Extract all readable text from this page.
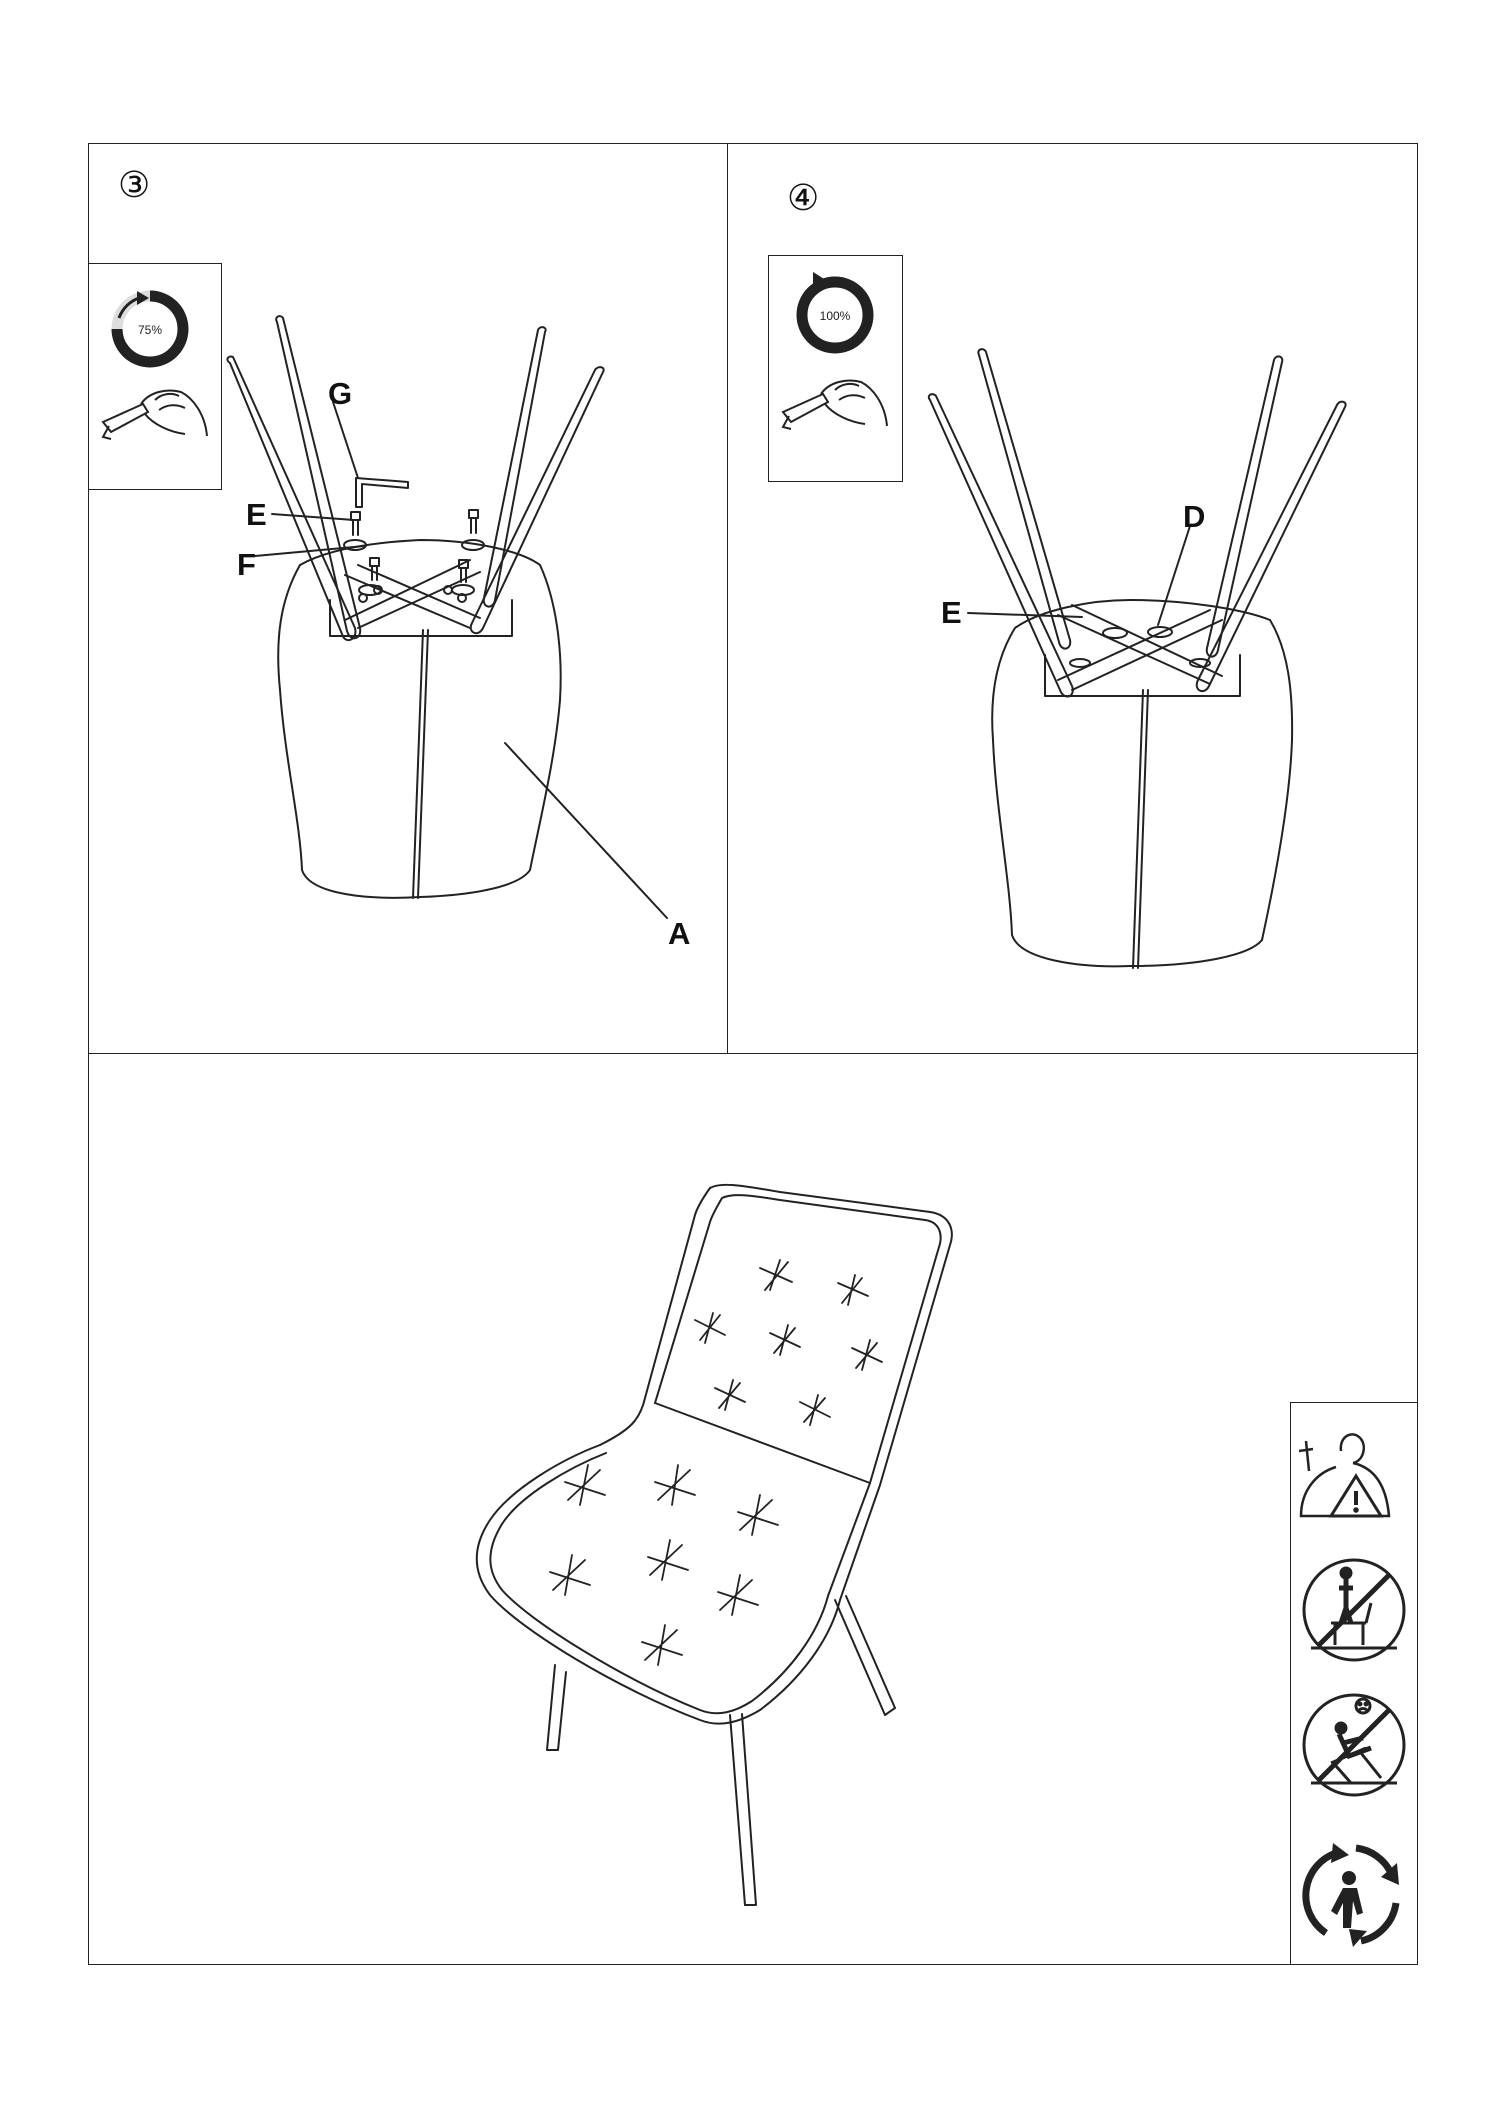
③	④
75%
100%
G
E
F
A
D
E
